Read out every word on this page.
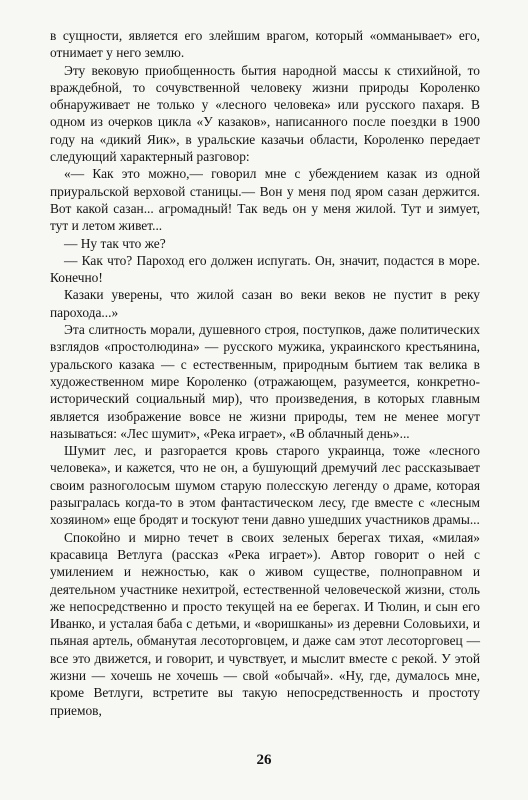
в сущности, является его злейшим врагом, который «омманывает» его, отнимает у него землю.

Эту вековую приобщенность бытия народной массы к стихийной, то враждебной, то сочувственной человеку жизни природы Короленко обнаруживает не только у «лесного человека» или русского пахаря. В одном из очерков цикла «У казаков», написанного после поездки в 1900 году на «дикий Яик», в уральские казачьи области, Короленко передает следующий характерный разговор:

«— Как это можно,— говорил мне с убеждением казак из одной приуральской верховой станицы.— Вон у меня под яром сазан держится. Вот какой сазан... агромадный! Так ведь он у меня жилой. Тут и зимует, тут и летом живет...

— Ну так что же?

— Как что? Пароход его должен испугать. Он, значит, подастся в море. Конечно!

Казаки уверены, что жилой сазан во веки веков не пустит в реку парохода...»

Эта слитность морали, душевного строя, поступков, даже политических взглядов «простолюдина» — русского мужика, украинского крестьянина, уральского казака — с естественным, природным бытием так велика в художественном мире Короленко (отражающем, разумеется, конкретно-исторический социальный мир), что произведения, в которых главным является изображение вовсе не жизни природы, тем не менее могут называться: «Лес шумит», «Река играет», «В облачный день»...

Шумит лес, и разгорается кровь старого украинца, тоже «лесного человека», и кажется, что не он, а бушующий дремучий лес рассказывает своим разноголосым шумом старую полесскую легенду о драме, которая разыгралась когда-то в этом фантастическом лесу, где вместе с «лесным хозяином» еще бродят и тоскуют тени давно ушедших участников драмы...

Спокойно и мирно течет в своих зеленых берегах тихая, «милая» красавица Ветлуга (рассказ «Река играет»). Автор говорит о ней с умилением и нежностью, как о живом существе, полноправном и деятельном участнике нехитрой, естественной человеческой жизни, столь же непосредственно и просто текущей на ее берегах. И Тюлин, и сын его Иванко, и усталая баба с детьми, и «воришканы» из деревни Соловьихи, и пьяная артель, обманутая лесоторговцем, и даже сам этот лесоторговец — все это движется, и говорит, и чувствует, и мыслит вместе с рекой. У этой жизни — хочешь не хочешь — свой «обычай». «Ну, где, думалось мне, кроме Ветлуги, встретите вы такую непосредственность и простоту приемов,

26
